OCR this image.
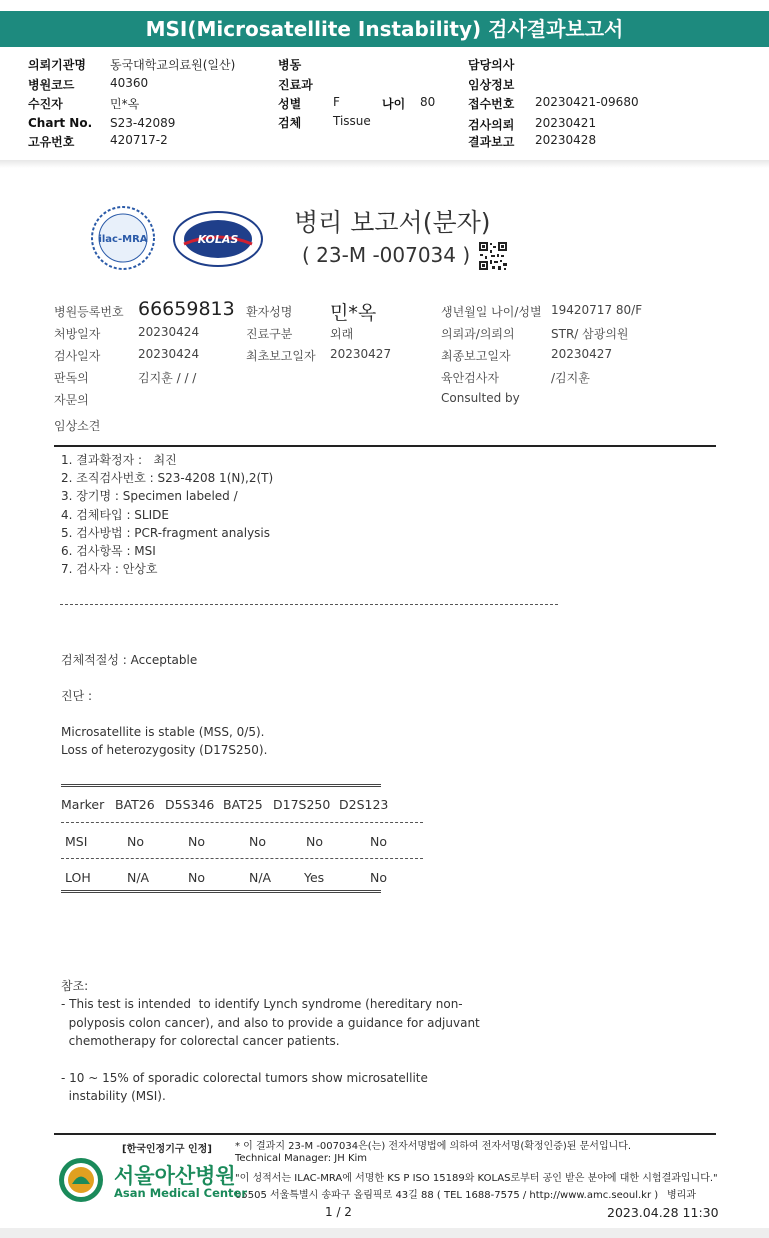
MSI(Microsatellite Instability) 검사결과보고서
의뢰기관명 동국대학교의료원(일산)
병원코드	40360
수진자	민*옥
Chart No. S23-42089
고유번호	420717-2
병동
진료과
성별	F	나이 80
검체	Tissue
담당의사
임상정보
접수번호 20230421-09680
검사의뢰 20230421
결과보고 20230428
ilac-MRA	KOLAS
병리 보고서(분자)
( 23-M -007034 )
병원등록번호 66659813 환자성명 민*옥	생년월일 나이/성별 19420717 80/F
처방일자	20230424	진료구분	외래	의뢰과/의뢰의	STR/ 삼광의원
검사일자	20230424	최초보고일자 20230427	최종보고일자	20230427
판독의	김지훈 / / /	육안검사자	/김지훈
자문의	Consulted by
임상소견
1. 결과확정자 :   최진
2. 조직검사번호 : S23-4208 1(N),2(T)
3. 장기명 : Specimen labeled /
4. 검체타입 : SLIDE
5. 검사방법 : PCR-fragment analysis
6. 검사항목 : MSI
7. 검사자 : 안상호
검체적절성 : Acceptable
진단 :
Microsatellite is stable (MSS, 0/5).
Loss of heterozygosity (D17S250).
Marker BAT26 D5S346 BAT25 D17S250 D2S123
MSI	No	No	No	No	No
LOH	N/A	No	N/A	Yes	No
참조:
- This test is intended  to identify Lynch syndrome (hereditary non-
polyposis colon cancer), and also to provide a guidance for adjuvant
chemotherapy for colorectal cancer patients.
- 10 ~ 15% of sporadic colorectal tumors show microsatellite
instability (MSI).
[한국인정기구 인정] * 이 결과지 23-M -007034은(는) 전자서명법에 의하여 전자서명(확정인증)된 문서입니다.
Technical Manager: JH Kim
"이 성적서는 ILAC-MRA에 서명한 KS P ISO 15189와 KOLAS로부터 공인 받은 분야에 대한 시험결과입니다."
05505 서울특별시 송파구 올림픽로 43길 88 ( TEL 1688-7575 / http://www.amc.seoul.kr ) 병리과
서울아산병원
Asan Medical Center
1 / 2	2023.04.28 11:30
